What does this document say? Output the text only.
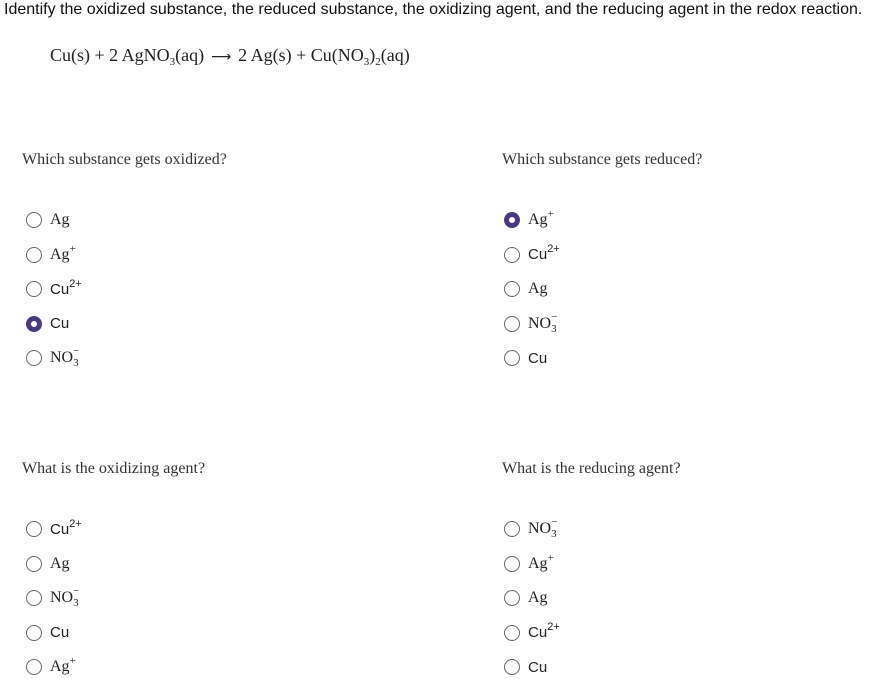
Identify the oxidized substance, the reduced substance, the oxidizing agent, and the reducing agent in the redox reaction.
Cu(s) + 2 AgNO$_3$(aq) ⟶ 2 $Ag(s) + Cu(NO_3)_2(aq)$
Which substance gets oxidized?
Ag
Ag+
$Cu^{2+}$
Cu
NO −
3
Which substance gets reduced?
Ag+
$Cu^{2+}$
Ag
NO −
3
Cu
What is the oxidizing agent?
$Cu^{2+}$
Ag
NO −
3
Cu
Ag+
What is the reducing agent?
NO −
3
Ag+
Ag
$Cu^{2+}$
Cu
